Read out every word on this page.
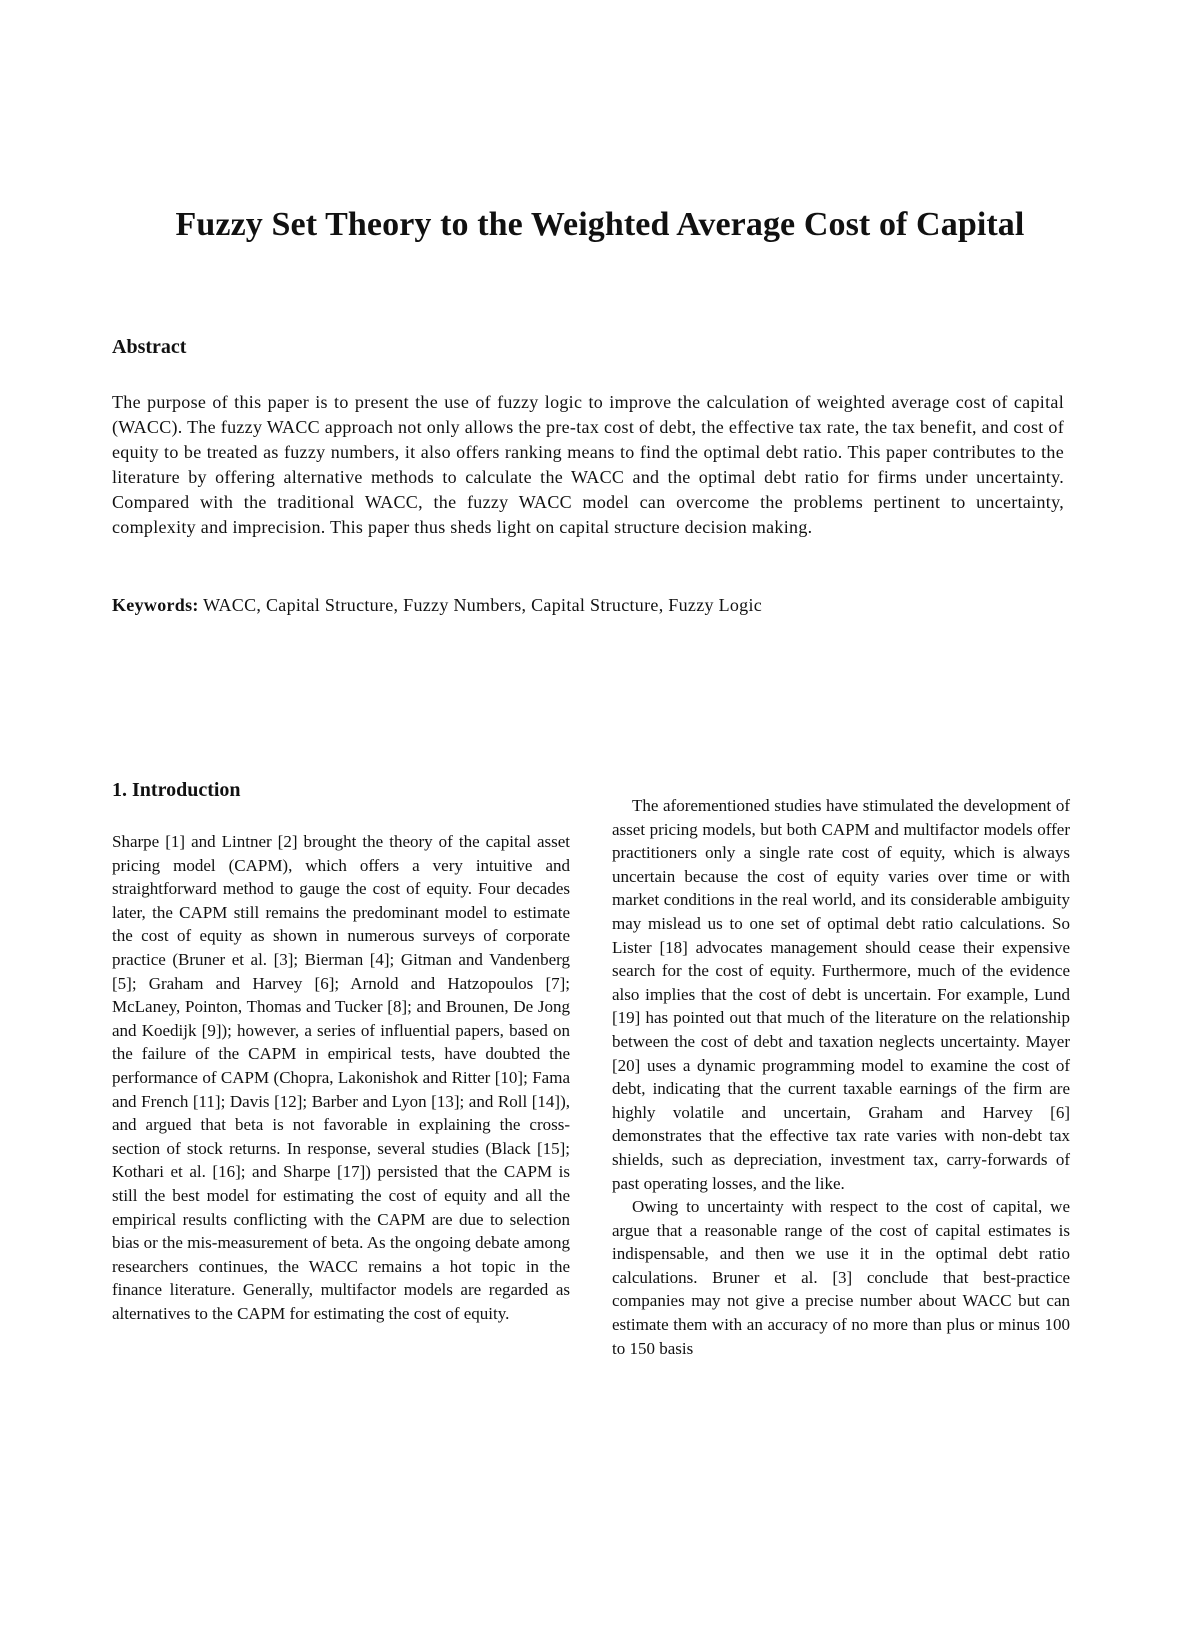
Fuzzy Set Theory to the Weighted Average Cost of Capital
Abstract

The purpose of this paper is to present the use of fuzzy logic to improve the calculation of weighted average cost of capital (WACC). The fuzzy WACC approach not only allows the pre-tax cost of debt, the effective tax rate, the tax benefit, and cost of equity to be treated as fuzzy numbers, it also offers ranking means to find the optimal debt ratio. This paper contributes to the literature by offering alternative methods to calculate the WACC and the optimal debt ratio for firms under uncertainty. Compared with the traditional WACC, the fuzzy WACC model can overcome the problems pertinent to uncertainty, complexity and imprecision. This paper thus sheds light on capital structure decision making.

Keywords: WACC, Capital Structure, Fuzzy Numbers, Capital Structure, Fuzzy Logic

1. Introduction

Sharpe [1] and Lintner [2] brought the theory of the capital asset pricing model (CAPM), which offers a very intuitive and straightforward method to gauge the cost of equity. Four decades later, the CAPM still remains the predominant model to estimate the cost of equity as shown in numerous surveys of corporate practice (Bruner et al. [3]; Bierman [4]; Gitman and Vandenberg [5]; Graham and Harvey [6]; Arnold and Hatzopoulos [7]; McLaney, Pointon, Thomas and Tucker [8]; and Brounen, De Jong and Koedijk [9]); however, a series of influential papers, based on the failure of the CAPM in empirical tests, have doubted the performance of CAPM (Chopra, Lakonishok and Ritter [10]; Fama and French [11]; Davis [12]; Barber and Lyon [13]; and Roll [14]), and argued that beta is not favorable in explaining the cross-section of stock returns. In response, several studies (Black [15]; Kothari et al. [16]; and Sharpe [17]) persisted that the CAPM is still the best model for estimating the cost of equity and all the empirical results conflicting with the CAPM are due to selection bias or the mis-measurement of beta. As the ongoing debate among researchers continues, the WACC remains a hot topic in the finance literature. Generally, multifactor models are regarded as alternatives to the CAPM for estimating the cost of equity.

The aforementioned studies have stimulated the development of asset pricing models, but both CAPM and multifactor models offer practitioners only a single rate cost of equity, which is always uncertain because the cost of equity varies over time or with market conditions in the real world, and its considerable ambiguity may mislead us to one set of optimal debt ratio calculations. So Lister [18] advocates management should cease their expensive search for the cost of equity. Furthermore, much of the evidence also implies that the cost of debt is uncertain. For example, Lund [19] has pointed out that much of the literature on the relationship between the cost of debt and taxation neglects uncertainty. Mayer [20] uses a dynamic programming model to examine the cost of debt, indicating that the current taxable earnings of the firm are highly volatile and uncertain, Graham and Harvey [6] demonstrates that the effective tax rate varies with non-debt tax shields, such as depreciation, investment tax, carry-forwards of past operating losses, and the like.

Owing to uncertainty with respect to the cost of capital, we argue that a reasonable range of the cost of capital estimates is indispensable, and then we use it in the optimal debt ratio calculations. Bruner et al. [3] conclude that best-practice companies may not give a precise number about WACC but can estimate them with an accuracy of no more than plus or minus 100 to 150 basis
